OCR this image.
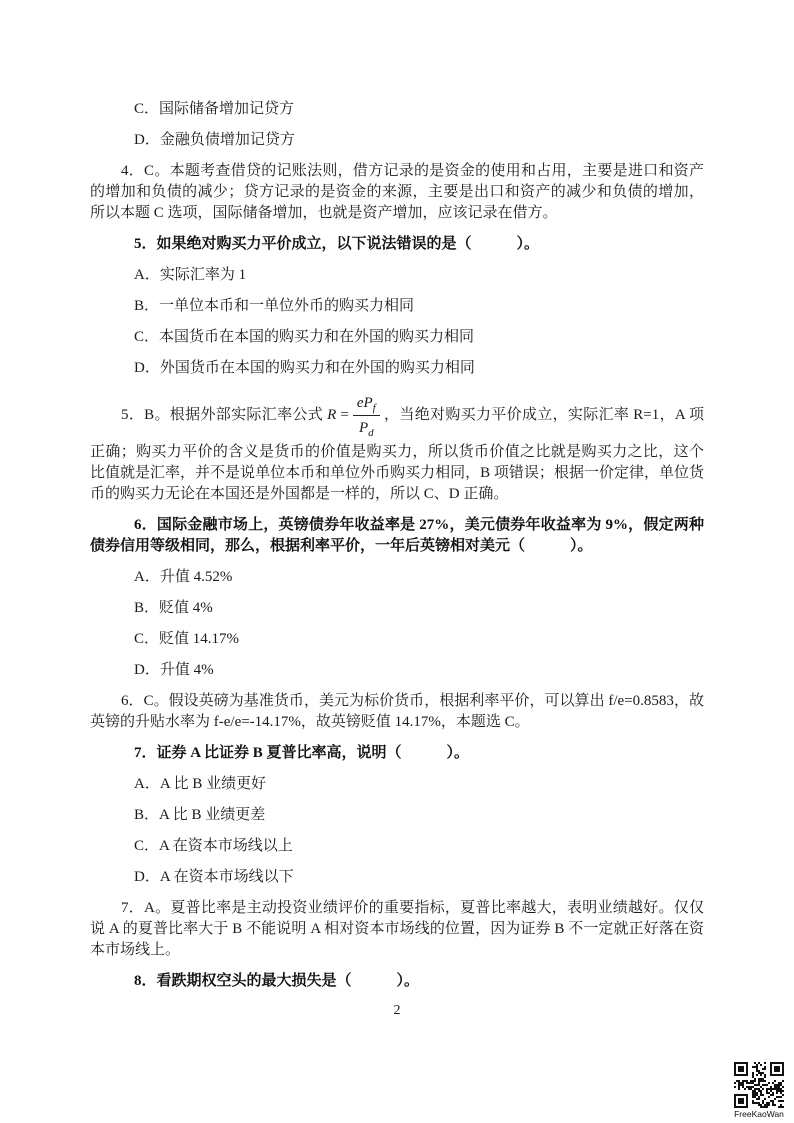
C．国际储备增加记贷方

D．金融负债增加记贷方

4．C。本题考查借贷的记账法则，借方记录的是资金的使用和占用，主要是进口和资产的增加和负债的减少；贷方记录的是资金的来源，主要是出口和资产的减少和负债的增加，所以本题 C 选项，国际储备增加，也就是资产增加，应该记录在借方。

5．如果绝对购买力平价成立，以下说法错误的是（　　　）。

A．实际汇率为 1

B．一单位本币和一单位外币的购买力相同

C．本国货币在本国的购买力和在外国的购买力相同

D．外国货币在本国的购买力和在外国的购买力相同

5．B。根据外部实际汇率公式 $R = \frac{eP_f}{P_d}$ ，当绝对购买力平价成立，实际汇率 R=1，A 项正确；购买力平价的含义是货币的价值是购买力，所以货币价值之比就是购买力之比，这个比值就是汇率，并不是说单位本币和单位外币购买力相同，B 项错误；根据一价定律，单位货币的购买力无论在本国还是外国都是一样的，所以 C、D 正确。

6．国际金融市场上，英镑债券年收益率是 27%，美元债券年收益率为 9%，假定两种债券信用等级相同，那么，根据利率平价，一年后英镑相对美元（　　　）。

A．升值 4.52%

B．贬值 4%

C．贬值 14.17%

D．升值 4%

6．C。假设英磅为基准货币，美元为标价货币，根据利率平价，可以算出 f/e=0.8583，故英镑的升贴水率为 f-e/e=-14.17%，故英镑贬值 14.17%，本题选 C。

7．证券 A 比证券 B 夏普比率高，说明（　　　）。

A．A 比 B 业绩更好

B．A 比 B 业绩更差

C．A 在资本市场线以上

D．A 在资本市场线以下

7．A。夏普比率是主动投资业绩评价的重要指标，夏普比率越大，表明业绩越好。仅仅说 A 的夏普比率大于 B 不能说明 A 相对资本市场线的位置，因为证券 B 不一定就正好落在资本市场线上。

8．看跌期权空头的最大损失是（　　　）。

2
FreeKaoWan
